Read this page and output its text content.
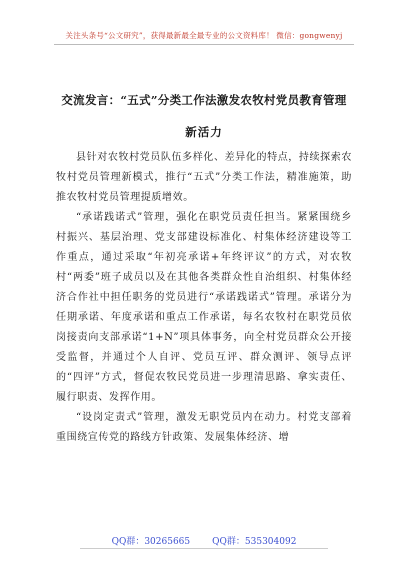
关注头条号“公文研究”，获得最新最全最专业的公文资料库！ 微信：gongwenyj
交流发言：“五式”分类工作法激发农牧村党员教育管理
新活力

县针对农牧村党员队伍多样化、差异化的特点，持续探索农牧村党员管理新模式，推行“五式”分类工作法，精准施策，助推农牧村党员管理提质增效。

“承诺践诺式”管理，强化在职党员责任担当。紧紧围绕乡村振兴、基层治理、党支部建设标准化、村集体经济建设等工作重点，通过采取“年初亮承诺+年终评议”的方式，对农牧村“两委”班子成员以及在其他各类群众性自治组织、村集体经济合作社中担任职务的党员进行“承诺践诺式”管理。承诺分为任期承诺、年度承诺和重点工作承诺，每名农牧村在职党员依岗接责向支部承诺“1+N”项具体事务，向全村党员群众公开接受监督，并通过个人自评、党员互评、群众测评、领导点评的“四评”方式，督促农牧民党员进一步理清思路、拿实责任、履行职责、发挥作用。

“设岗定责式”管理，激发无职党员内在动力。村党支部着重围绕宣传党的路线方针政策、发展集体经济、增

QQ群：30265665 QQ群：535304092
